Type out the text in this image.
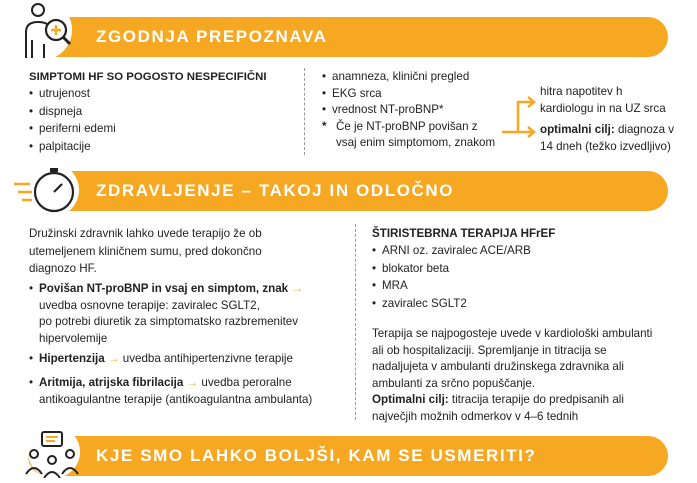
ZGODNJA PREPOZNAVA
SIMPTOMI HF SO POGOSTO NESPECIFIČNI
• utrujenost
• dispneja
• periferni edemi
• palpitacije
• anamneza, klinični pregled
• EKG srca
• vrednost NT-proBNP*
* Če je NT-proBNP povišan z
vsaj enim simptomom, znakom
hitra napotitev h
kardiologu in na UZ srca
optimalni cilj: diagnoza v
14 dneh (težko izvedljivo)
ZDRAVLJENJE – TAKOJ IN ODLOČNO
Družinski zdravnik lahko uvede terapijo že ob
utemeljenem kliničnem sumu, pred dokončno
diagnozo HF.
• Povišan NT-proBNP in vsaj en simptom, znak →
uvedba osnovne terapije: zaviralec SGLT2,
po potrebi diuretik za simptomatsko razbremenitev
hipervolemije
• Hipertenzija → uvedba antihipertenzivne terapije
• Aritmija, atrijska fibrilacija → uvedba peroralne
antikoagulantne terapije (antikoagulantna ambulanta)
ŠTIRISTEBRNA TERAPIJA HFrEF
• ARNI oz. zaviralec ACE/ARB
• blokator beta
• MRA
• zaviralec SGLT2
Terapija se najpogosteje uvede v kardiološki ambulanti
ali ob hospitalizaciji. Spremljanje in titracija se
nadaljujeta v ambulanti družinskega zdravnika ali
ambulanti za srčno popuščanje.
Optimalni cilj: titracija terapije do predpisanih ali
največjih možnih odmerkov v 4–6 tednih
KJE SMO LAHKO BOLJŠI, KAM SE USMERITI?
